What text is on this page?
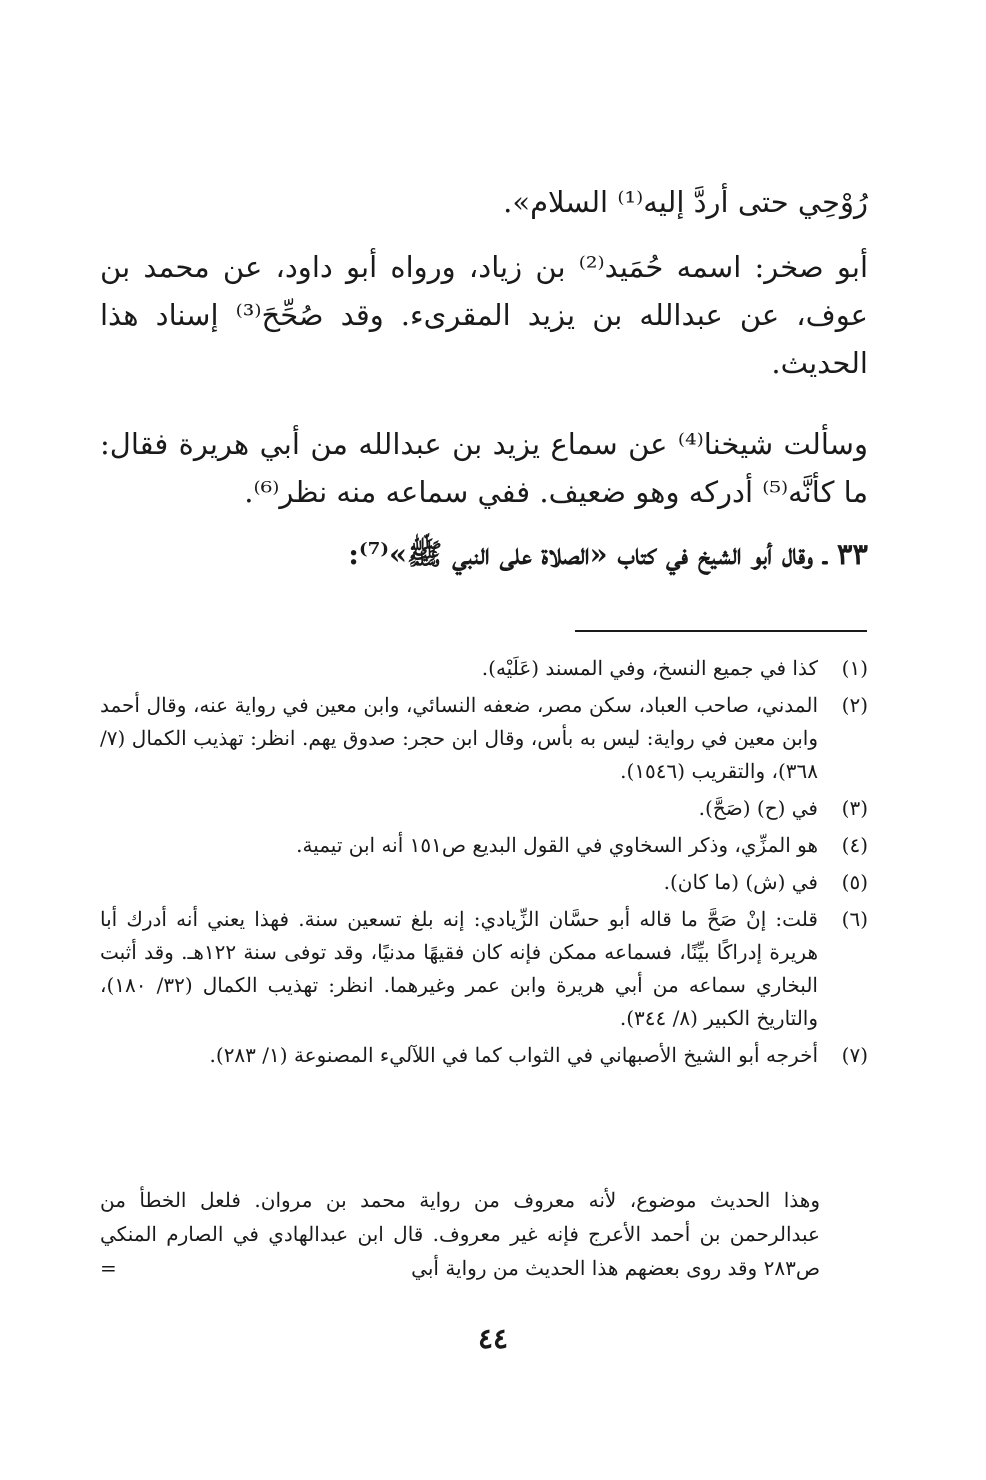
رُوْحِي حتى أردَّ إليه⁽¹⁾ السلام».

أبو صخر: اسمه حُمَيد⁽²⁾ بن زياد، ورواه أبو داود، عن محمد بن عوف، عن عبدالله بن يزيد المقرىء. وقد صُحِّحَ⁽³⁾ إسناد هذا الحديث.

وسألت شيخنا⁽⁴⁾ عن سماع يزيد بن عبدالله من أبي هريرة فقال: ما كأنَّه⁽⁵⁾ أدركه وهو ضعيف. ففي سماعه منه نظر⁽⁶⁾.

٣٣ ـ وقال أبو الشيخ في كتاب «الصلاة على النبي ﷺ»⁽⁷⁾:

(١)
كذا في جميع النسخ، وفي المسند (عَلَيْه).
(٢)
المدني، صاحب العباد، سكن مصر، ضعفه النسائي، وابن معين في رواية عنه، وقال أحمد وابن معين في رواية: ليس به بأس، وقال ابن حجر: صدوق يهم. انظر: تهذيب الكمال (٧/ ٣٦٨)، والتقريب (١٥٤٦).
(٣)
في (ح) (صَحَّ).
(٤)
هو المزِّي، وذكر السخاوي في القول البديع ص١٥١ أنه ابن تيمية.
(٥)
في (ش) (ما كان).
(٦)
قلت: إنْ صَحَّ ما قاله أبو حسَّان الزِّيادي: إنه بلغ تسعين سنة. فهذا يعني أنه أدرك أبا هريرة إدراكًا بيِّنًا، فسماعه ممكن فإنه كان فقيهًا مدنيًا، وقد توفى سنة ١٢٢هـ. وقد أثبت البخاري سماعه من أبي هريرة وابن عمر وغيرهما. انظر: تهذيب الكمال (٣٢/ ١٨٠)، والتاريخ الكبير (٨/ ٣٤٤).
(٧)
أخرجه أبو الشيخ الأصبهاني في الثواب كما في اللآليء المصنوعة (١/ ٢٨٣).
وهذا الحديث موضوع، لأنه معروف من رواية محمد بن مروان. فلعل الخطأ من عبدالرحمن بن أحمد الأعرج فإنه غير معروف. قال ابن عبدالهادي في الصارم المنكي ص٢٨٣ وقد روى بعضهم هذا الحديث من رواية أبي
=
٤٤
